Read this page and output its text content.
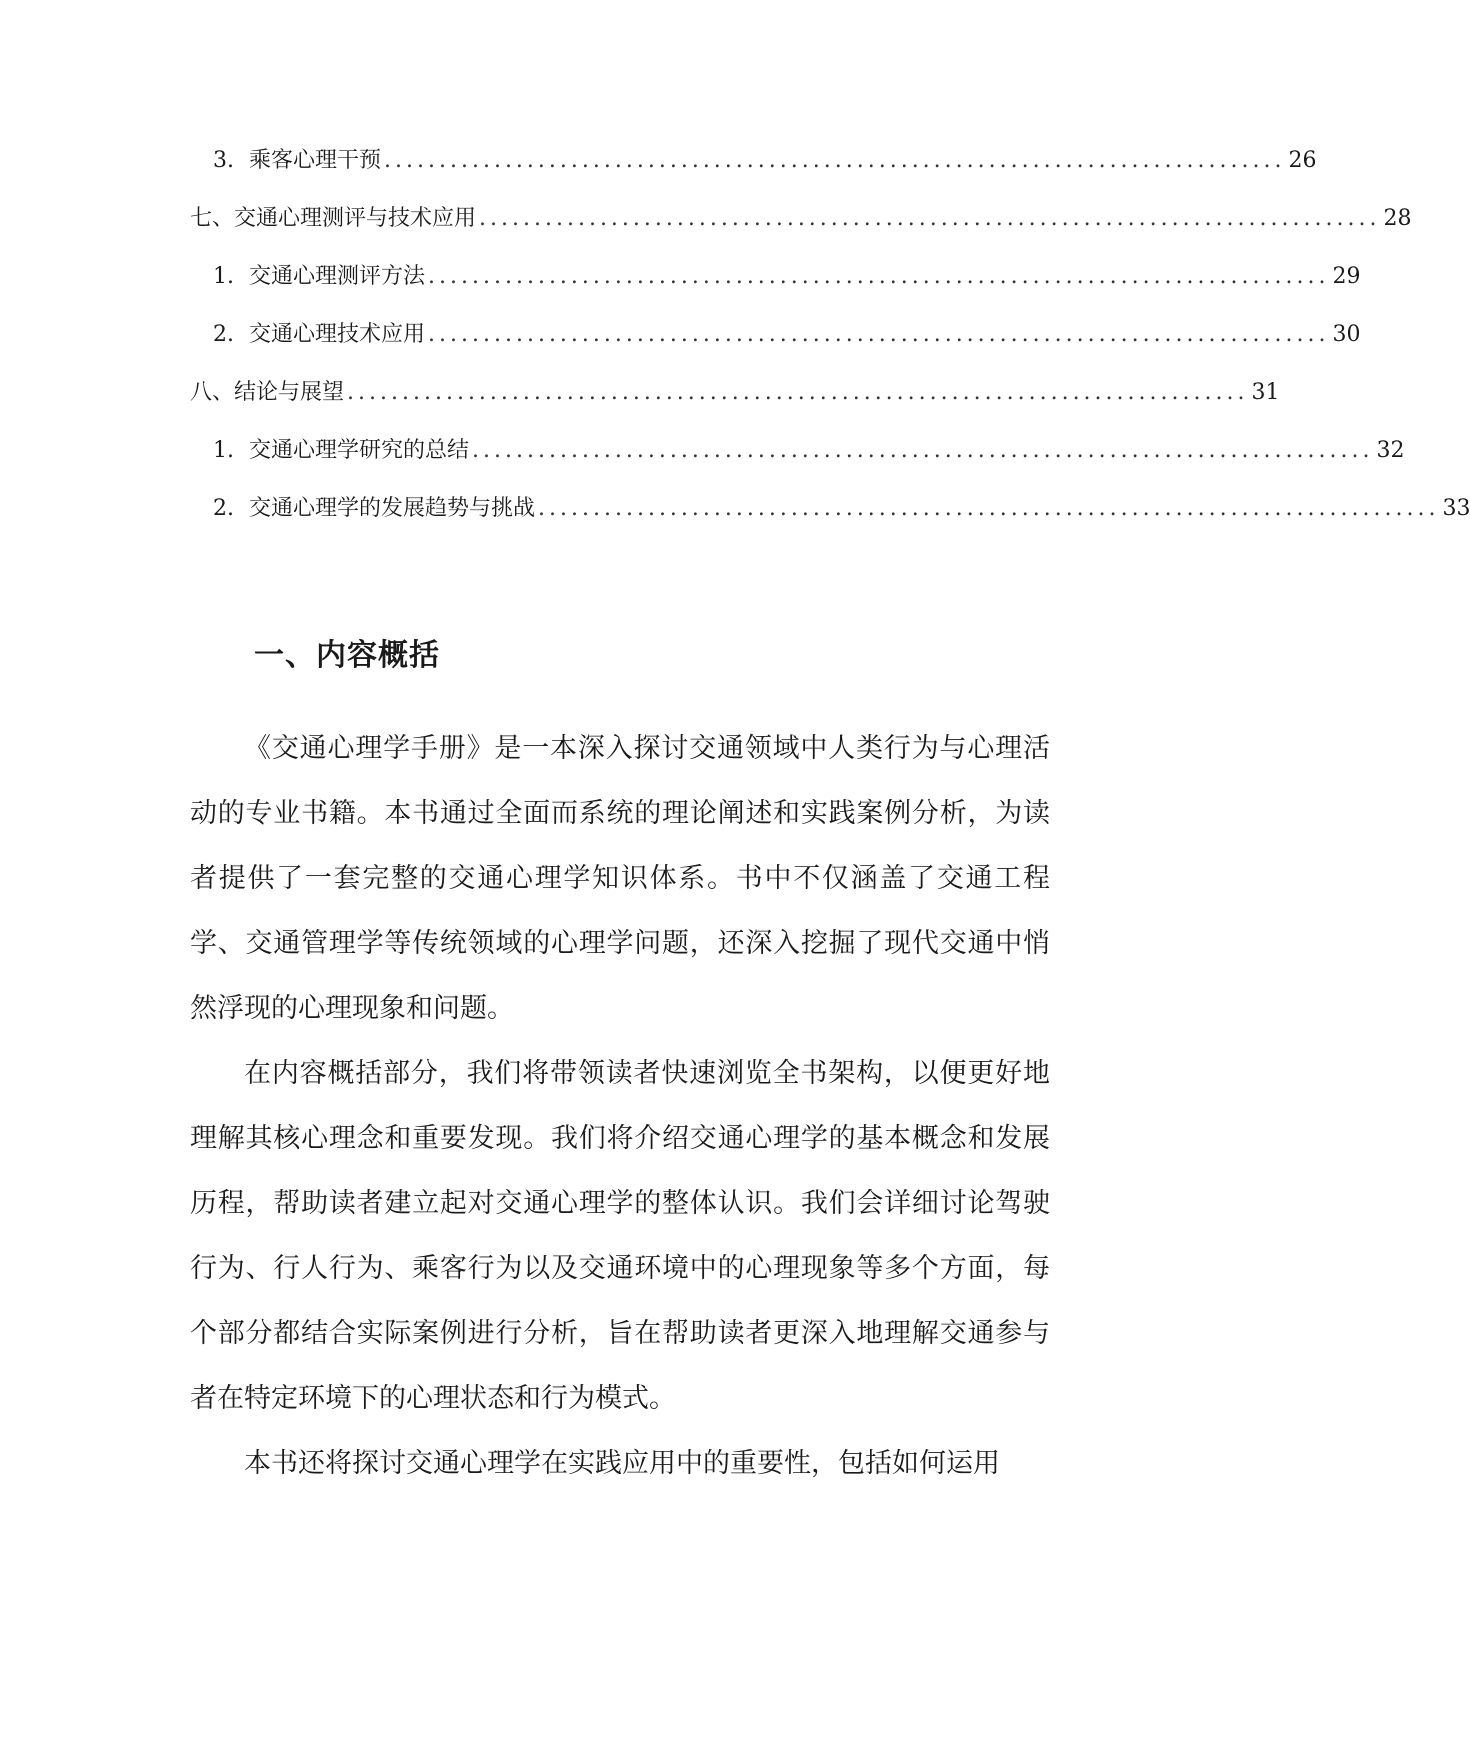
3. 乘客心理干预 .................................................................................. 26
七、交通心理测评与技术应用 .................................................................................. 28
1. 交通心理测评方法 .................................................................................. 29
2. 交通心理技术应用 .................................................................................. 30
八、结论与展望 .................................................................................. 31
1. 交通心理学研究的总结 .................................................................................. 32
2. 交通心理学的发展趋势与挑战 .................................................................................. 33
一、内容概括

《交通心理学手册》是一本深入探讨交通领域中人类行为与心理活动的专业书籍。本书通过全面而系统的理论阐述和实践案例分析，为读者提供了一套完整的交通心理学知识体系。书中不仅涵盖了交通工程学、交通管理学等传统领域的心理学问题，还深入挖掘了现代交通中悄然浮现的心理现象和问题。

在内容概括部分，我们将带领读者快速浏览全书架构，以便更好地理解其核心理念和重要发现。我们将介绍交通心理学的基本概念和发展历程，帮助读者建立起对交通心理学的整体认识。我们会详细讨论驾驶行为、行人行为、乘客行为以及交通环境中的心理现象等多个方面，每个部分都结合实际案例进行分析，旨在帮助读者更深入地理解交通参与者在特定环境下的心理状态和行为模式。

本书还将探讨交通心理学在实践应用中的重要性，包括如何运用
